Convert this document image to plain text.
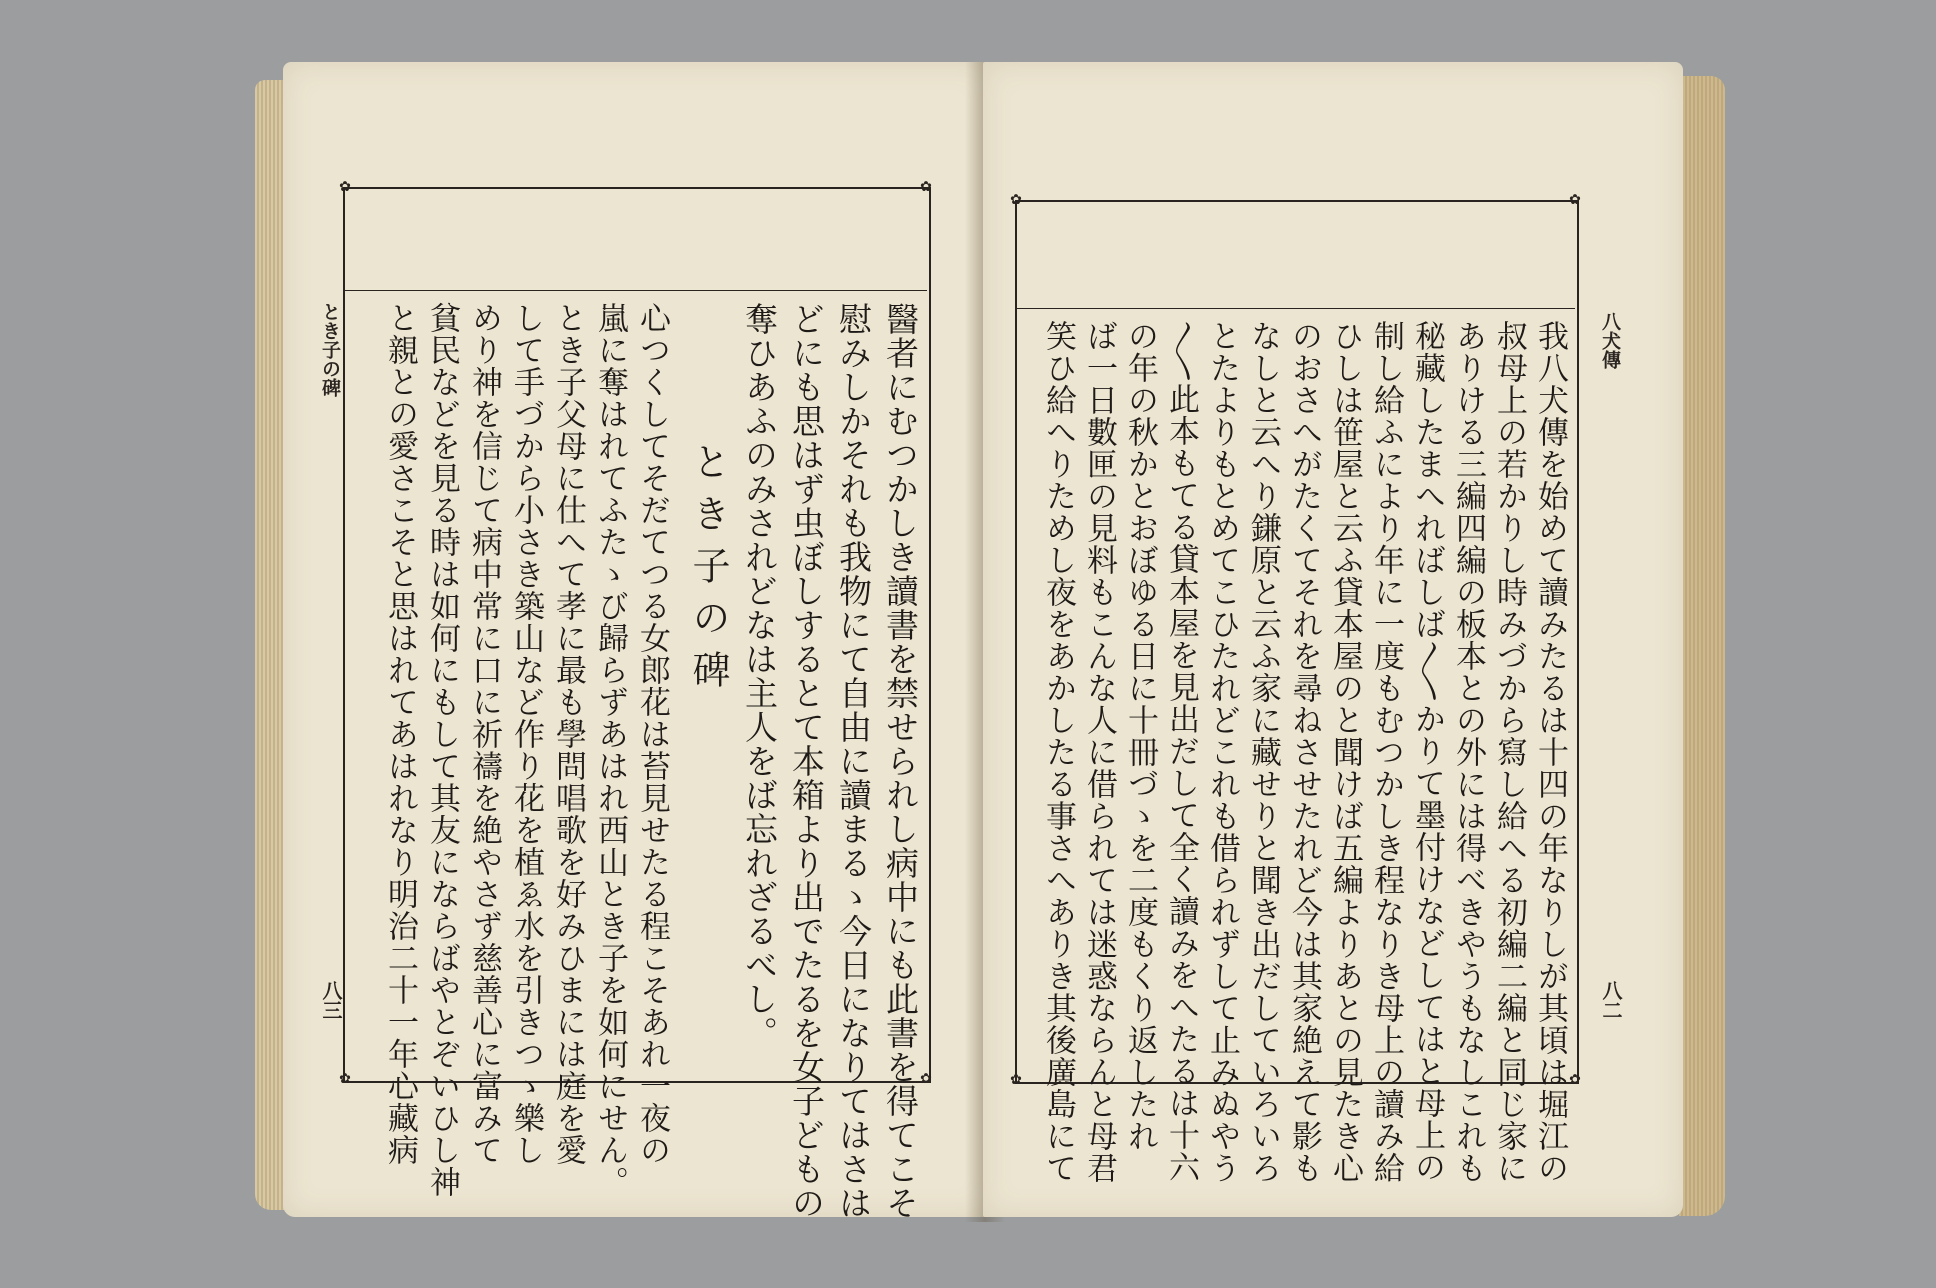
✿	✿
✿	✿
とき子の碑
八三	醫者にむつかしき讀書を禁せられし病中にも此書を得てこそ
慰みしかそれも我物にて自由に讀まるゝ今日になりてはさは
どにも思はず虫ぼしするとて本箱より出でたるを女子どもの
奪ひあふのみされどなは主人をば忘れざるべし。
とき子の碑
心つくしてそだてつる女郎花は苔見せたる程こそあれ一夜の
嵐に奪はれてふたゝび歸らずあはれ西山とき子を如何にせん。
とき子父母に仕へて孝に最も學問唱歌を好みひまには庭を愛
して手づから小さき築山など作り花を植ゑ水を引きつゝ樂し
めり神を信じて病中常に口に祈禱を絶やさず慈善心に富みて
貧民などを見る時は如何にもして其友にならばやとぞいひし神
と親との愛さこそと思はれてあはれなり明治二十一年心藏病
✿	✿
✿	✿
八犬傳
八二
我八犬傳を始めて讀みたるは十四の年なりしが其頃は堀江の
叔母上の若かりし時みづから寫し給へる初編二編と同じ家に
ありける三編四編の板本との外には得べきやうもなしこれも
秘藏したまへればしば〳〵かりて墨付けなどしてはと母上の
制し給ふにより年に一度もむつかしき程なりき母上の讀み給
ひしは笹屋と云ふ貸本屋のと聞けば五編よりあとの見たき心
のおさへがたくてそれを尋ねさせたれど今は其家絶えて影も
なしと云へり鎌原と云ふ家に藏せりと聞き出だしていろいろ
とたよりもとめてこひたれどこれも借られずして止みぬやう
〳〵此本もてる貸本屋を見出だして全く讀みをへたるは十六
の年の秋かとおぼゆる日に十冊づゝを二度もくり返したれ
ば一日數匣の見料もこんな人に借られては迷惑ならんと母君
笑ひ給へりためし夜をあかしたる事さへありき其後廣島にて
